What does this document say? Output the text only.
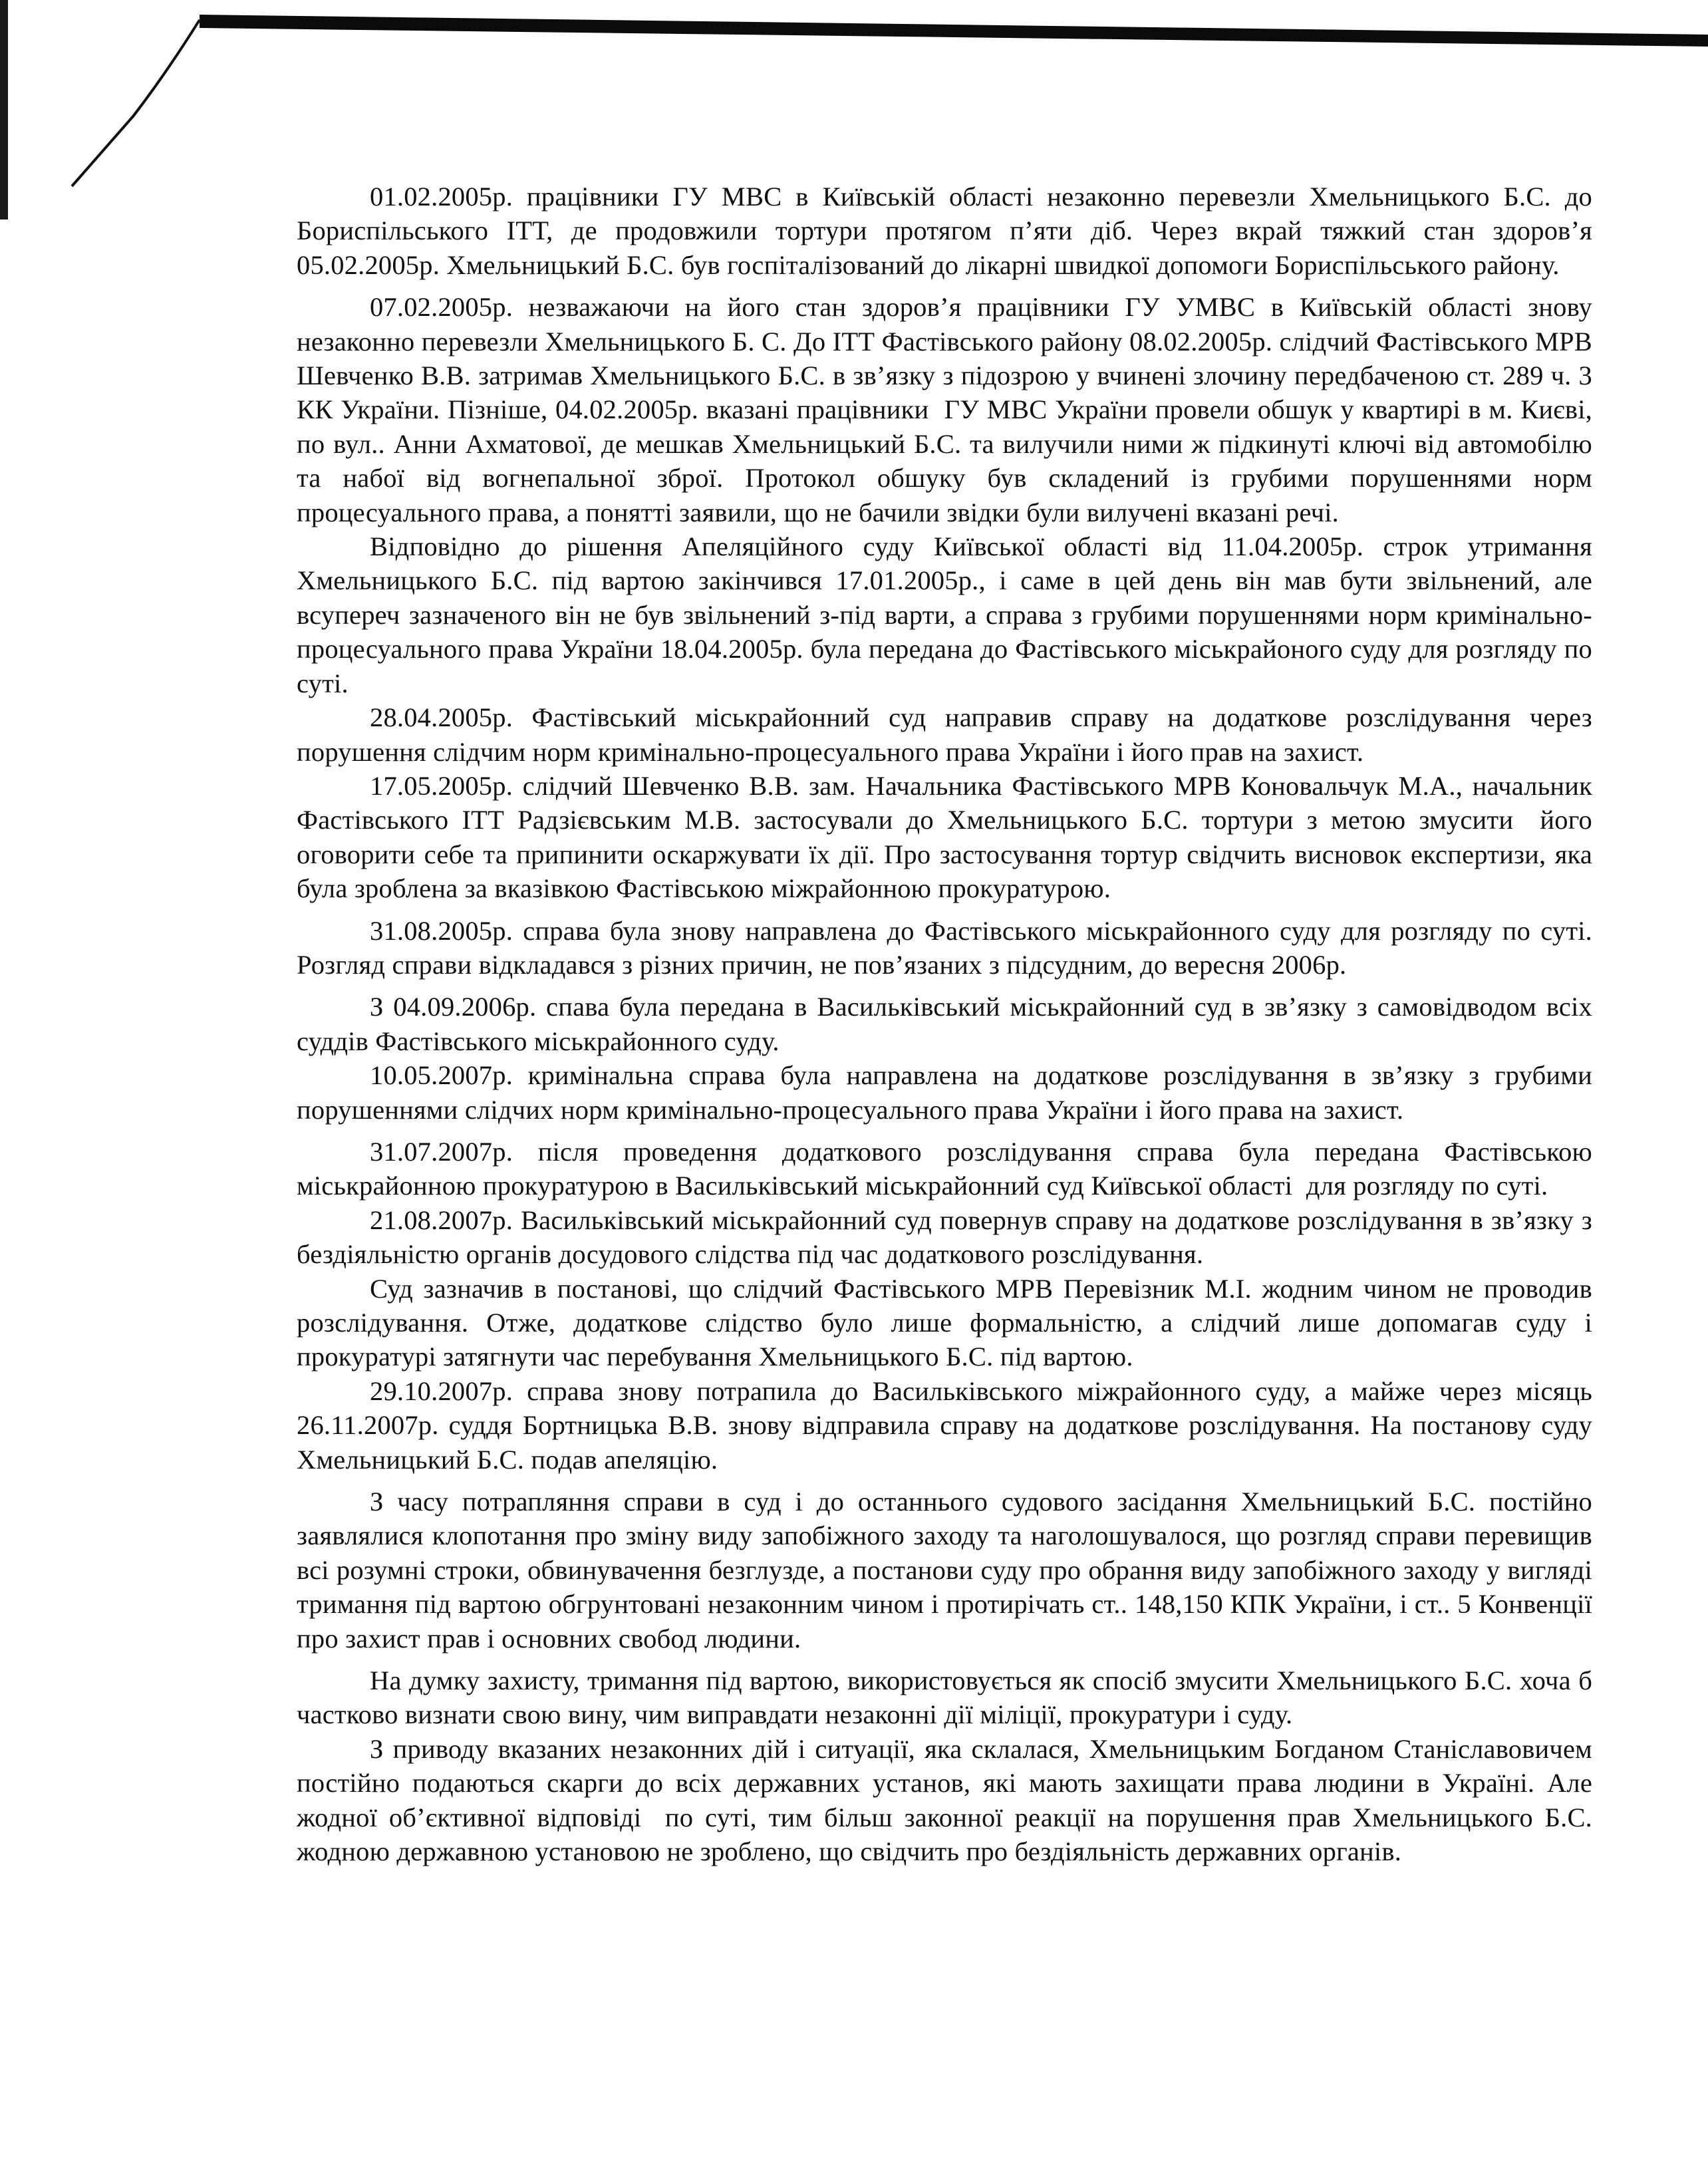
01.02.2005р. працівники ГУ МВС в Київській області незаконно перевезли Хмельницького Б.С. до Бориспільського ІТТ, де продовжили тортури протягом п’яти діб. Через вкрай тяжкий стан здоров’я  05.02.2005р. Хмельницький Б.С. був госпіталізований до лікарні швидкої допомоги Бориспільського району.

07.02.2005р. незважаючи на його стан здоров’я працівники ГУ УМВС в Київській області знову незаконно перевезли Хмельницького Б. С. До ІТТ Фастівського району 08.02.2005р. слідчий Фастівського МРВ Шевченко В.В. затримав Хмельницького Б.С. в зв’язку з підозрою у вчинені злочину передбаченою ст. 289 ч. 3 КК України. Пізніше, 04.02.2005р. вказані працівники  ГУ МВС України провели обшук у квартирі в м. Києві, по вул.. Анни Ахматової, де мешкав Хмельницький Б.С. та вилучили ними ж підкинуті ключі від автомобілю та набої від вогнепальної зброї. Протокол обшуку був складений із грубими порушеннями норм процесуального права, а понятті заявили, що не бачили звідки були вилучені вказані речі.

Відповідно до рішення Апеляційного суду Київської області від 11.04.2005р. строк утримання Хмельницького Б.С. під вартою закінчився 17.01.2005р., і саме в цей день він мав бути звільнений, але всупереч зазначеного він не був звільнений з-під варти, а справа з грубими порушеннями норм кримінально-процесуального права України 18.04.2005р. була передана до Фастівського міськрайоного суду для розгляду по суті.

28.04.2005р. Фастівський міськрайонний суд направив справу на додаткове розслідування через порушення слідчим норм кримінально-процесуального права України і його прав на захист.

17.05.2005р. слідчий Шевченко В.В. зам. Начальника Фастівського МРВ Коновальчук М.А., начальник Фастівського ІТТ Радзієвським М.В. застосували до Хмельницького Б.С. тортури з метою змусити  його оговорити себе та припинити оскаржувати їх дії. Про застосування тортур свідчить висновок експертизи, яка була зроблена за вказівкою Фастівською міжрайонною прокуратурою.

31.08.2005р. справа була знову направлена до Фастівського міськрайонного суду для розгляду по суті. Розгляд справи відкладався з різних причин, не пов’язаних з підсудним, до вересня 2006р.

З 04.09.2006р. спава була передана в Васильківський міськрайонний суд в зв’язку з самовідводом всіх суддів Фастівського міськрайонного суду.

10.05.2007р. кримінальна справа була направлена на додаткове розслідування в зв’язку з грубими порушеннями слідчих норм кримінально-процесуального права України і його права на захист.

31.07.2007р. після проведення додаткового розслідування справа була передана Фастівською міськрайонною прокуратурою в Васильківський міськрайонний суд Київської області  для розгляду по суті.

21.08.2007р. Васильківський міськрайонний суд повернув справу на додаткове розслідування в зв’язку з бездіяльністю органів досудового слідства під час додаткового розслідування.

Суд зазначив в постанові, що слідчий Фастівського МРВ Перевізник М.І. жодним чином не проводив розслідування. Отже, додаткове слідство було лише формальністю, а слідчий лише допомагав суду і прокуратурі затягнути час перебування Хмельницького Б.С. під вартою.

29.10.2007р. справа знову потрапила до Васильківського міжрайонного суду, а майже через місяць 26.11.2007р. суддя Бортницька В.В. знову відправила справу на додаткове розслідування. На постанову суду Хмельницький Б.С. подав апеляцію.

З часу потрапляння справи в суд і до останнього судового засідання Хмельницький Б.С. постійно заявлялися клопотання про зміну виду запобіжного заходу та наголошувалося, що розгляд справи перевищив всі розумні строки, обвинувачення безглузде, а постанови суду про обрання виду запобіжного заходу у вигляді тримання під вартою обгрунтовані незаконним чином і протирічать ст.. 148,150 КПК України, і ст.. 5 Конвенції про захист прав і основних свобод людини.

На думку захисту, тримання під вартою, використовується як спосіб змусити Хмельницького Б.С. хоча б частково визнати свою вину, чим виправдати незаконні дії міліції, прокуратури і суду.

З приводу вказаних незаконних дій і ситуації, яка склалася, Хмельницьким Богданом Станіславовичем постійно подаються скарги до всіх державних установ, які мають захищати права людини в Україні. Але жодної об’єктивної відповіді  по суті, тим більш законної реакції на порушення прав Хмельницького Б.С. жодною державною установою не зроблено, що свідчить про бездіяльність державних органів.
